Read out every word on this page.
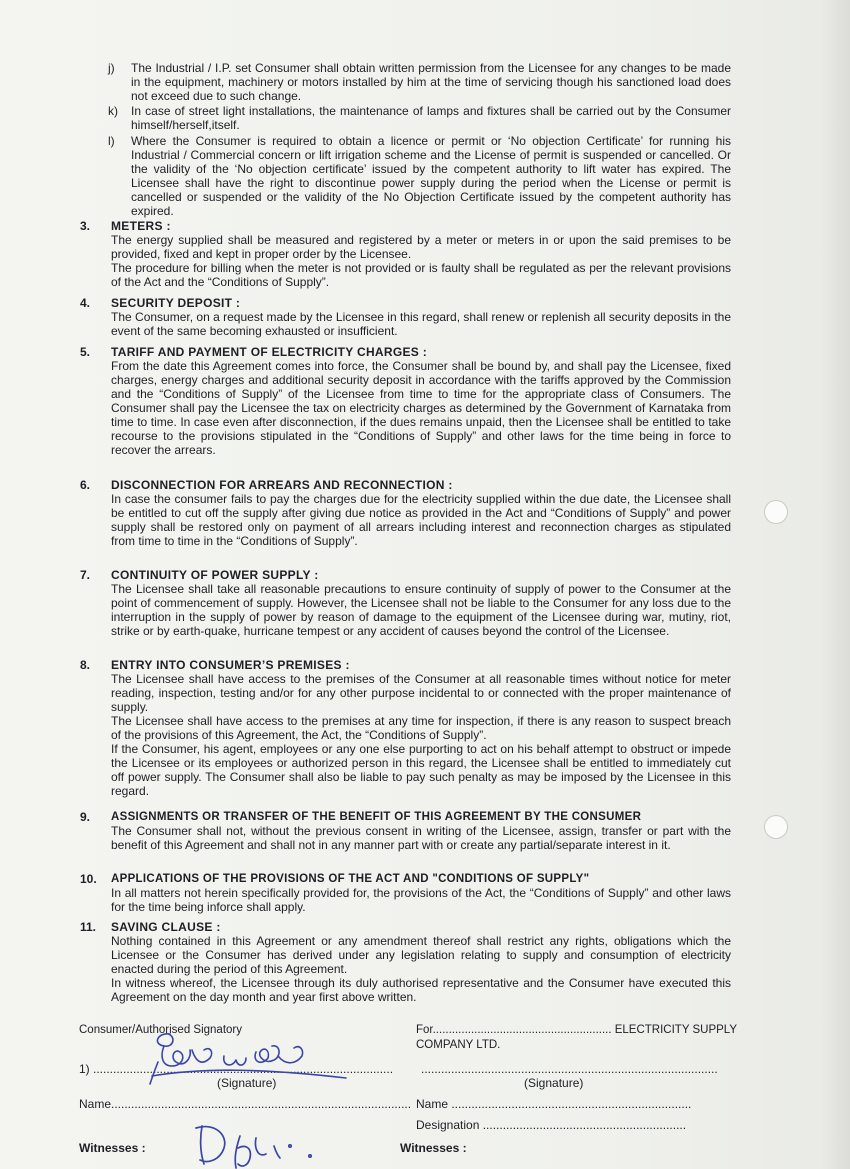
j)	The Industrial / I.P. set Consumer shall obtain written permission from the Licensee for any changes to be made in the equipment, machinery or motors installed by him at the time of servicing though his sanctioned load does not exceed due to such change.
k)	In case of street light installations, the maintenance of lamps and fixtures shall be carried out by the Consumer himself/herself,itself.
l)	Where the Consumer is required to obtain a licence or permit or ‘No objection Certificate’ for running his Industrial / Commercial concern or lift irrigation scheme and the License of permit is suspended or cancelled. Or the validity of the ‘No objection certificate’ issued by the competent authority to lift water has expired. The Licensee shall have the right to discontinue power supply during the period when the License or permit is cancelled or suspended or the validity of the No Objection Certificate issued by the competent authority has expired.
3.	METERS :
The energy supplied shall be measured and registered by a meter or meters in or upon the said premises to be provided, fixed and kept in proper order by the Licensee.
The procedure for billing when the meter is not provided or is faulty shall be regulated as per the relevant provisions of the Act and the “Conditions of Supply”.
4.	SECURITY DEPOSIT :
The Consumer, on a request made by the Licensee in this regard, shall renew or replenish all security deposits in the event of the same becoming exhausted or insufficient.
5.	TARIFF AND PAYMENT OF ELECTRICITY CHARGES :
From the date this Agreement comes into force, the Consumer shall be bound by, and shall pay the Licensee, fixed charges, energy charges and additional security deposit in accordance with the tariffs approved by the Commission and the “Conditions of Supply” of the Licensee from time to time for the appropriate class of Consumers. The Consumer shall pay the Licensee the tax on electricity charges as determined by the Government of Karnataka from time to time. In case even after disconnection, if the dues remains unpaid, then the Licensee shall be entitled to take recourse to the provisions stipulated in the “Conditions of Supply” and other laws for the time being in force to recover the arrears.
6.	DISCONNECTION FOR ARREARS AND RECONNECTION :
In case the consumer fails to pay the charges due for the electricity supplied within the due date, the Licensee shall be entitled to cut off the supply after giving due notice as provided in the Act and “Conditions of Supply” and power supply shall be restored only on payment of all arrears including interest and reconnection charges as stipulated from time to time in the “Conditions of Supply”.
7.	CONTINUITY OF POWER SUPPLY :
The Licensee shall take all reasonable precautions to ensure continuity of supply of power to the Consumer at the point of commencement of supply. However, the Licensee shall not be liable to the Consumer for any loss due to the interruption in the supply of power by reason of damage to the equipment of the Licensee during war, mutiny, riot, strike or by earth-quake, hurricane tempest or any accident of causes beyond the control of the Licensee.
8.	ENTRY INTO CONSUMER’S PREMISES :
The Licensee shall have access to the premises of the Consumer at all reasonable times without notice for meter reading, inspection, testing and/or for any other purpose incidental to or connected with the proper maintenance of supply.
The Licensee shall have access to the premises at any time for inspection, if there is any reason to suspect breach of the provisions of this Agreement, the Act, the “Conditions of Supply”.
If the Consumer, his agent, employees or any one else purporting to act on his behalf attempt to obstruct or impede the Licensee or its employees or authorized person in this regard, the Licensee shall be entitled to immediately cut off power supply. The Consumer shall also be liable to pay such penalty as may be imposed by the Licensee in this regard.
9.	ASSIGNMENTS OR TRANSFER OF THE BENEFIT OF THIS AGREEMENT BY THE CONSUMER
The Consumer shall not, without the previous consent in writing of the Licensee, assign, transfer or part with the benefit of this Agreement and shall not in any manner part with or create any partial/separate interest in it.
10.	APPLICATIONS OF THE PROVISIONS OF THE ACT AND "CONDITIONS OF SUPPLY"
In all matters not herein specifically provided for, the provisions of the Act, the “Conditions of Supply” and other laws for the time being inforce shall apply.
11.	SAVING CLAUSE :
Nothing contained in this Agreement or any amendment thereof shall restrict any rights, obligations which the Licensee or the Consumer has derived under any legislation relating to supply and consumption of electricity enacted during the period of this Agreement.
In witness whereof, the Licensee through its duly authorised representative and the Consumer have executed this Agreement on the day month and year first above written.
Consumer/Authorised Signatory
1) ..........................................................................................
(Signature)
Name..........................................................................................
Witnesses :
For........................................................ ELECTRICITY SUPPLY
COMPANY LTD.
.........................................................................................
(Signature)
Name ........................................................................
Designation .............................................................
Witnesses :
